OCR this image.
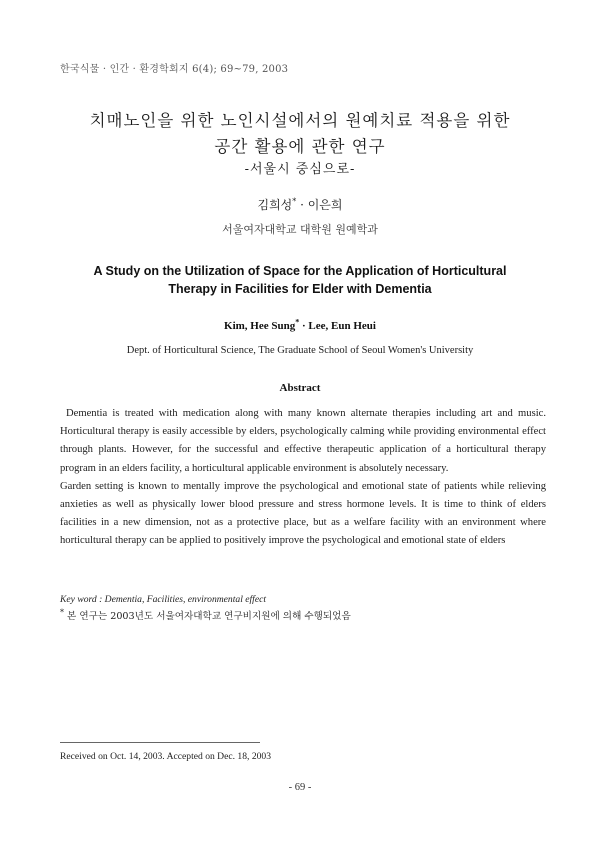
한국식물 · 인간 · 환경학회지 6(4); 69~79, 2003
치매노인을 위한 노인시설에서의 원예치료 적용을 위한
공간 활용에 관한 연구
-서울시 중심으로-
김희성* · 이은희
서울여자대학교 대학원 원예학과
A Study on the Utilization of Space for the Application of Horticultural
Therapy in Facilities for Elder with Dementia
Kim, Hee Sung* · Lee, Eun Heui
Dept. of Horticultural Science, The Graduate School of Seoul Women's University
Abstract

Dementia is treated with medication along with many known alternate therapies including art and music. Horticultural therapy is easily accessible by elders, psychologically calming while providing environmental effect through plants. However, for the successful and effective therapeutic application of a horticultural therapy program in an elders facility, a horticultural applicable environment is absolutely necessary.

Garden setting is known to mentally improve the psychological and emotional state of patients while relieving anxieties as well as physically lower blood pressure and stress hormone levels. It is time to think of elders facilities in a new dimension, not as a protective place, but as a welfare facility with an environment where horticultural therapy can be applied to positively improve the psychological and emotional state of elders

Key word : Dementia, Facilities, environmental effect
* 본 연구는 2003년도 서울여자대학교 연구비지원에 의해 수행되었음
Received on Oct. 14, 2003. Accepted on Dec. 18, 2003
- 69 -
